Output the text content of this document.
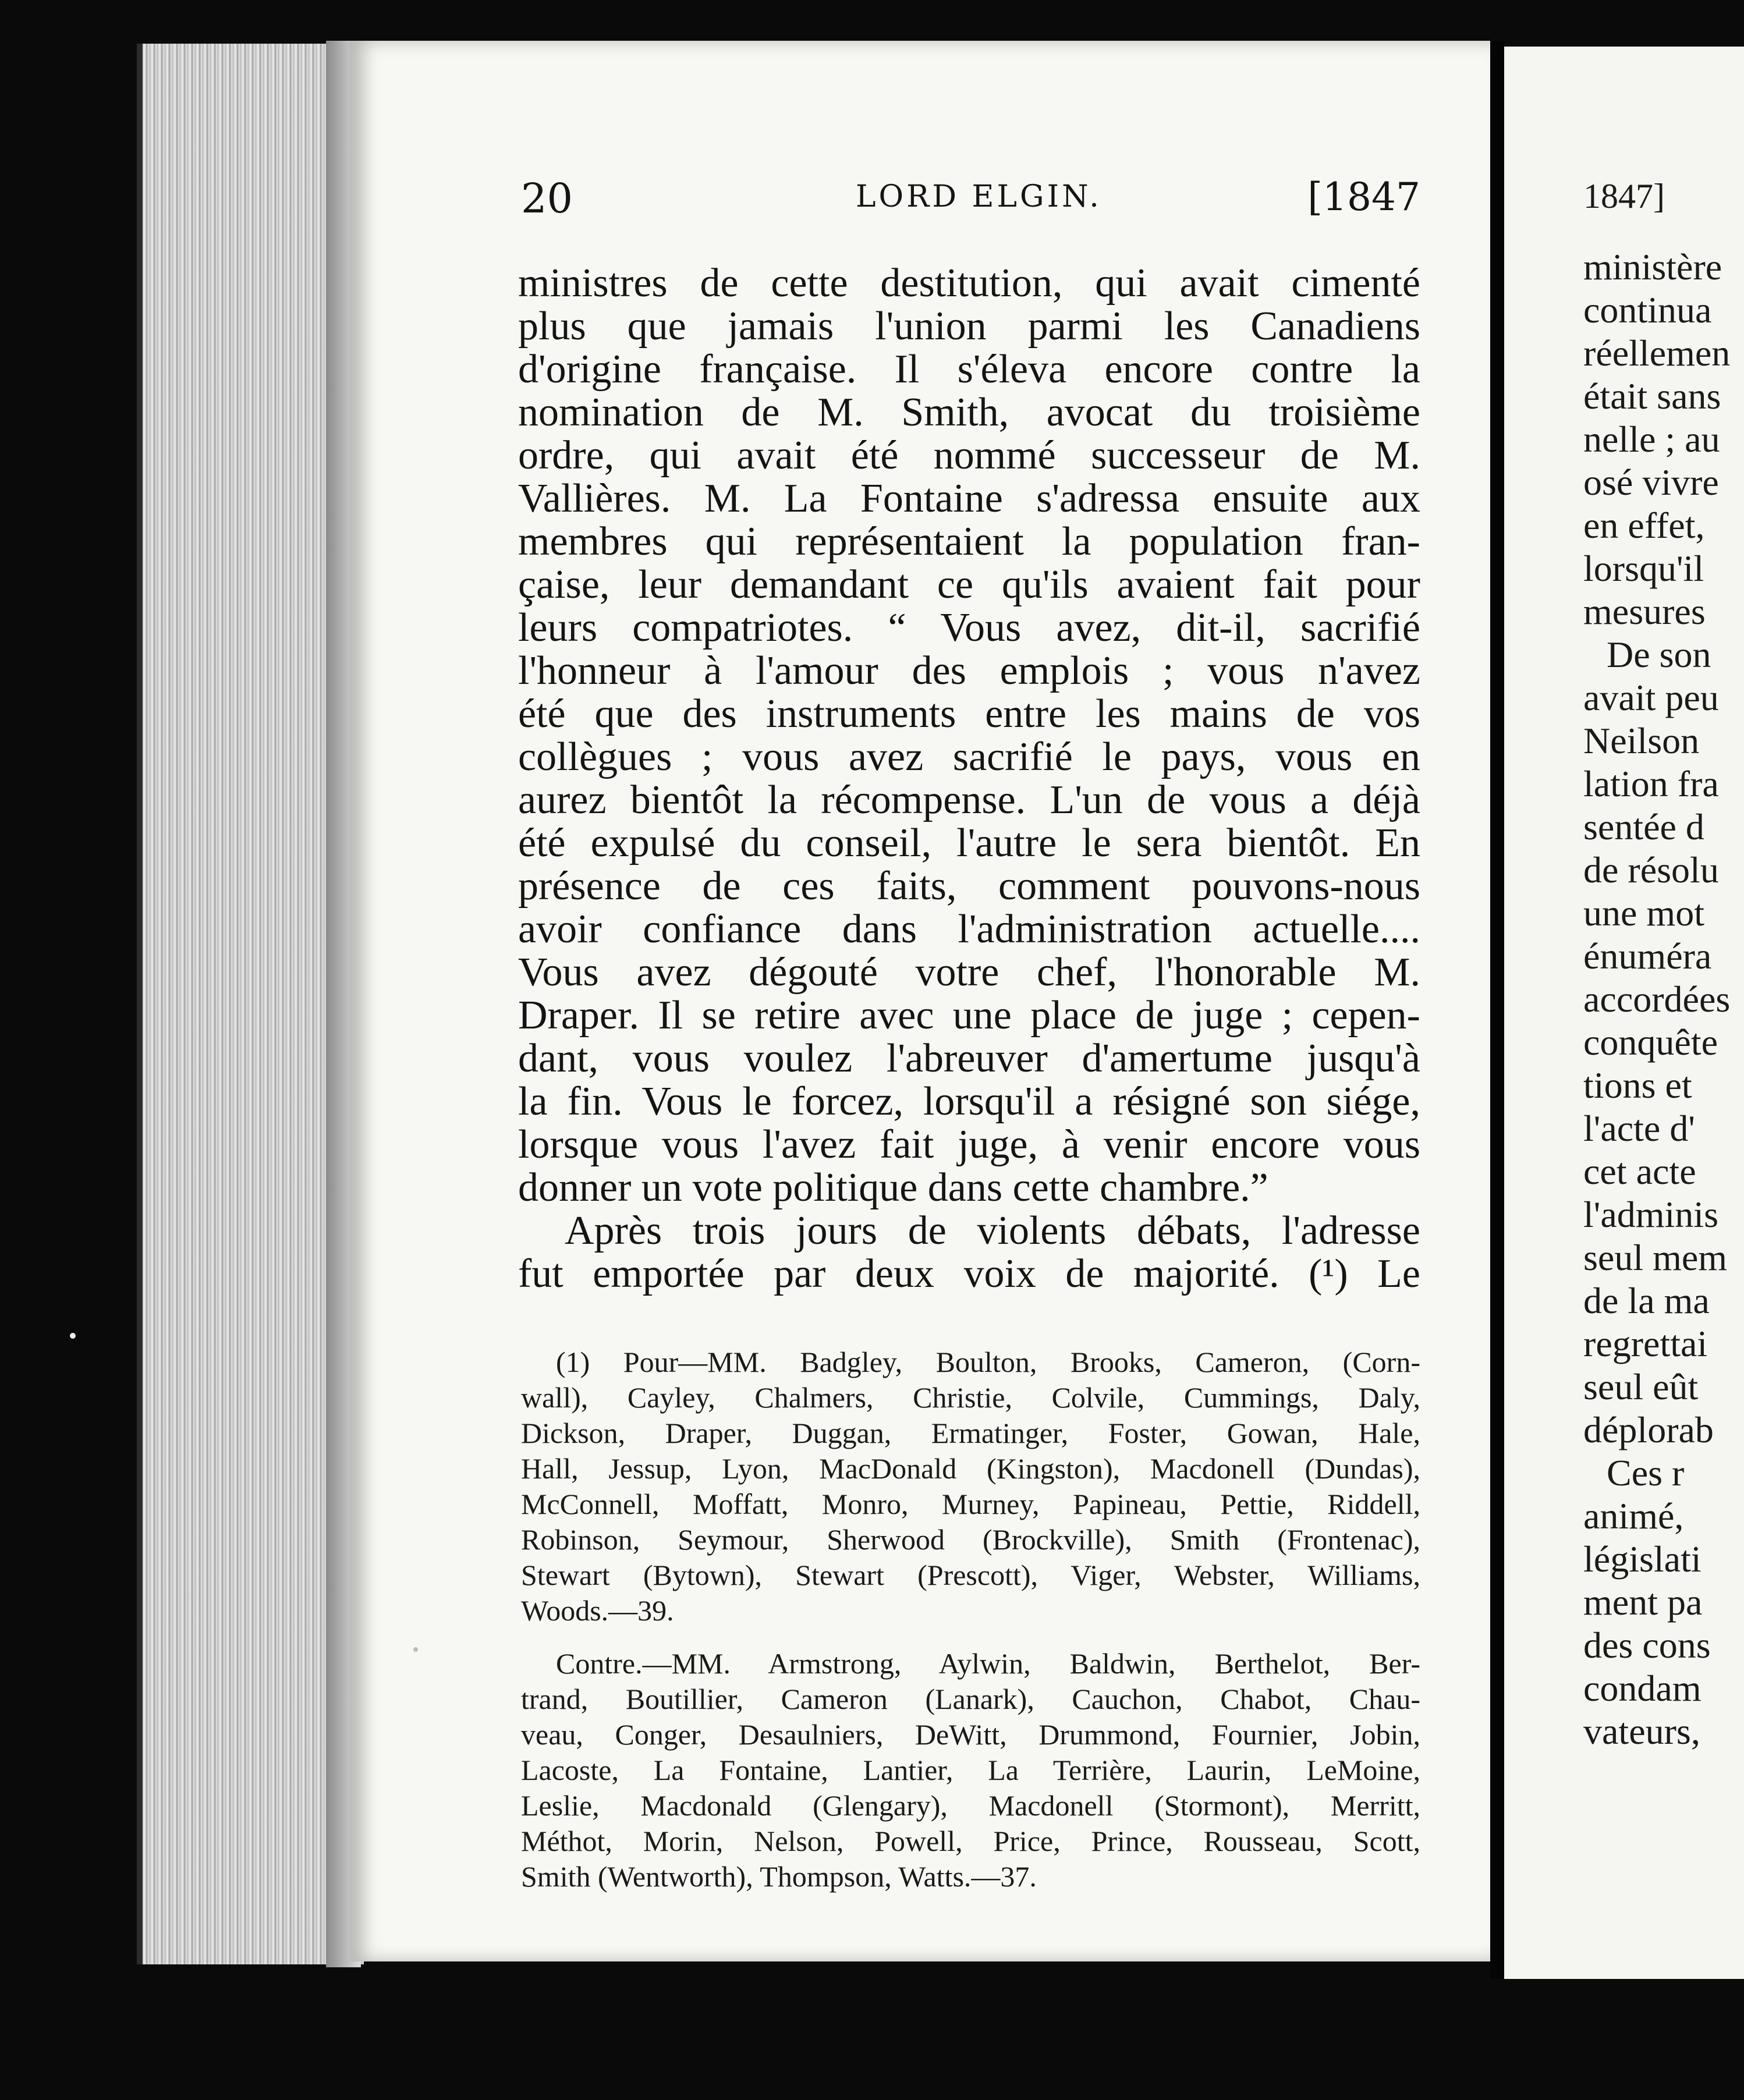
20	LORD ELGIN.	[1847
ministres de cette destitution, qui avait cimenté
plus que jamais l'union parmi les Canadiens
d'origine française. Il s'éleva encore contre la
nomination de M. Smith, avocat du troisième
ordre, qui avait été nommé successeur de M.
Vallières. M. La Fontaine s'adressa ensuite aux
membres qui représentaient la population fran-
çaise, leur demandant ce qu'ils avaient fait pour
leurs compatriotes. “ Vous avez, dit-il, sacrifié
l'honneur à l'amour des emplois ; vous n'avez
été que des instruments entre les mains de vos
collègues ; vous avez sacrifié le pays, vous en
aurez bientôt la récompense. L'un de vous a déjà
été expulsé du conseil, l'autre le sera bientôt. En
présence de ces faits, comment pouvons-nous
avoir confiance dans l'administration actuelle....
Vous avez dégouté votre chef, l'honorable M.
Draper. Il se retire avec une place de juge ; cepen-
dant, vous voulez l'abreuver d'amertume jusqu'à
la fin. Vous le forcez, lorsqu'il a résigné son siége,
lorsque vous l'avez fait juge, à venir encore vous
donner un vote politique dans cette chambre.”
Après trois jours de violents débats, l'adresse
fut emportée par deux voix de majorité. (¹) Le
(1) Pour—MM. Badgley, Boulton, Brooks, Cameron, (Corn-
wall), Cayley, Chalmers, Christie, Colvile, Cummings, Daly,
Dickson, Draper, Duggan, Ermatinger, Foster, Gowan, Hale,
Hall, Jessup, Lyon, MacDonald (Kingston), Macdonell (Dundas),
McConnell, Moffatt, Monro, Murney, Papineau, Pettie, Riddell,
Robinson, Seymour, Sherwood (Brockville), Smith (Frontenac),
Stewart (Bytown), Stewart (Prescott), Viger, Webster, Williams,
Woods.—39.
Contre.—MM. Armstrong, Aylwin, Baldwin, Berthelot, Ber-
trand, Boutillier, Cameron (Lanark), Cauchon, Chabot, Chau-
veau, Conger, Desaulniers, DeWitt, Drummond, Fournier, Jobin,
Lacoste, La Fontaine, Lantier, La Terrière, Laurin, LeMoine,
Leslie, Macdonald (Glengary), Macdonell (Stormont), Merritt,
Méthot, Morin, Nelson, Powell, Price, Prince, Rousseau, Scott,
Smith (Wentworth), Thompson, Watts.—37.
1847]
ministère
continua
réellemen
était sans
nelle ; au
osé vivre
en effet,
lorsqu'il
mesures
De son
avait peu
Neilson
lation fra
sentée d
de résolu
une mot
énuméra
accordées
conquête
tions et
l'acte d'
cet acte
l'adminis
seul mem
de la ma
regrettai
seul eût
déplorab
Ces r
animé,
législati
ment pa
des cons
condam
vateurs,
